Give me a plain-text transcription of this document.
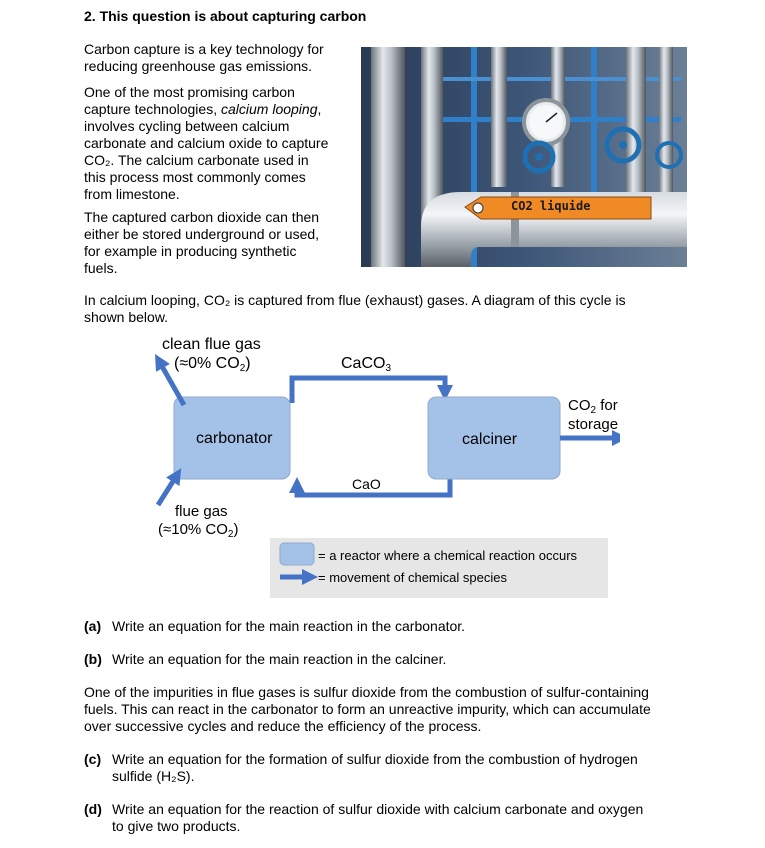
2. This question is about capturing carbon
Carbon capture is a key technology for
reducing greenhouse gas emissions.
One of the most promising carbon
capture technologies, calcium looping,
involves cycling between calcium
carbonate and calcium oxide to capture
CO₂. The calcium carbonate used in
this process most commonly comes
from limestone.
The captured carbon dioxide can then
either be stored underground or used,
for example in producing synthetic
fuels.
CO2 liquide
In calcium looping, CO₂ is captured from flue (exhaust) gases. A diagram of this cycle is
shown below.
clean flue gas
(≈0% $CO_2$)	CaCO$_3$
carbonator	calciner
$CO_2$ for
storage
CaO
flue gas
(≈10% $CO_2$)
= a reactor where a chemical reaction occurs
= movement of chemical species
(a) Write an equation for the main reaction in the carbonator.
(b) Write an equation for the main reaction in the calciner.
One of the impurities in flue gases is sulfur dioxide from the combustion of sulfur-containing
fuels. This can react in the carbonator to form an unreactive impurity, which can accumulate
over successive cycles and reduce the efficiency of the process.
(c) Write an equation for the formation of sulfur dioxide from the combustion of hydrogen
sulfide (H₂S).
(d) Write an equation for the reaction of sulfur dioxide with calcium carbonate and oxygen
to give two products.
